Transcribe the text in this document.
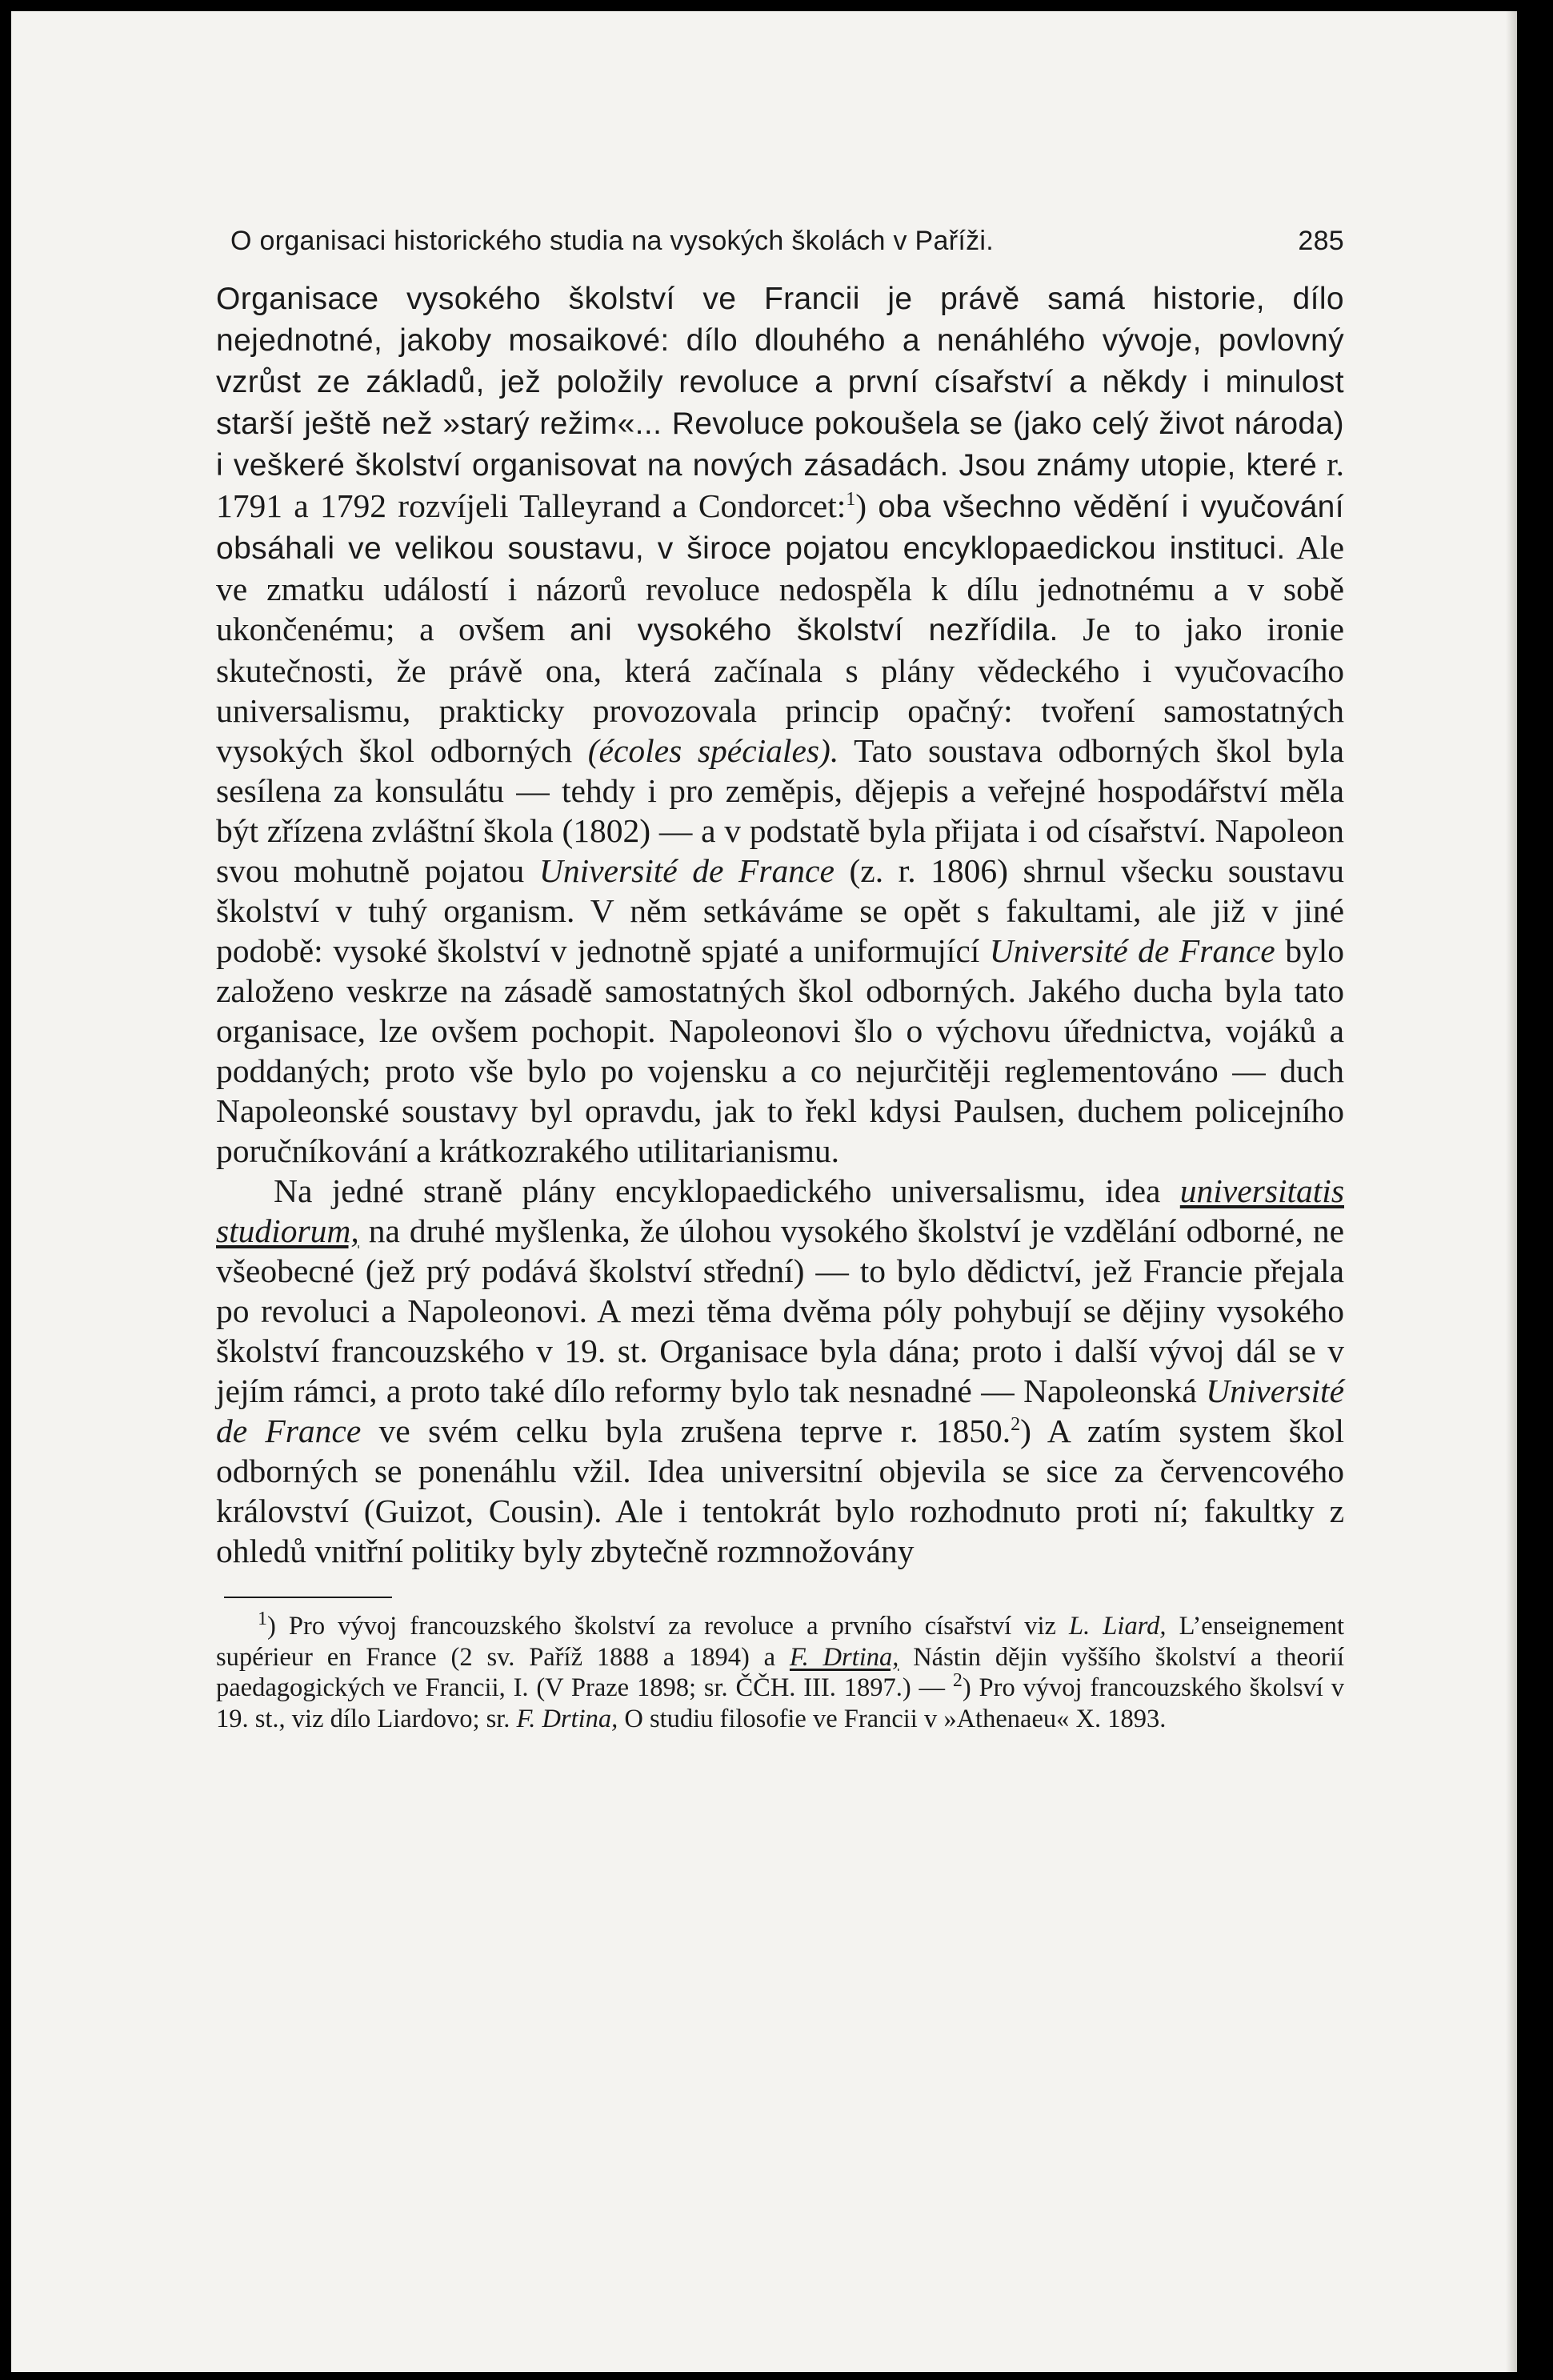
O organisaci historického studia na vysokých školách v Paříži.	285

Organisace vysokého školství ve Francii je právě samá historie, dílo nejednotné, jakoby mosaikové: dílo dlouhého a nenáhlého vývoje, povlovný vzrůst ze základů, jež položily revoluce a první císařství a někdy i minulost starší ještě než »starý režim«... Revoluce pokoušela se (jako celý život národa) i veškeré školství organisovat na nových zásadách. Jsou známy utopie, které r. 1791 a 1792 rozvíjeli Talleyrand a Condorcet:$^1$) oba všechno vědění i vyučování obsáhali ve velikou soustavu, v široce pojatou encyklopaedickou instituci. Ale ve zmatku událostí i názorů revoluce nedospěla k dílu jednotnému a v sobě ukončenému; a ovšem ani vysokého školství nezřídila. Je to jako ironie skutečnosti, že právě ona, která začínala s plány vědeckého i vyučovacího universalismu, prakticky provozovala princip opačný: tvoření samostatných vysokých škol odborných (écoles spéciales). Tato soustava odborných škol byla sesílena za konsulátu — tehdy i pro zeměpis, dějepis a veřejné hospodářství měla být zřízena zvláštní škola (1802) — a v podstatě byla přijata i od císařství. Napoleon svou mohutně pojatou Université de France (z. r. 1806) shrnul všecku soustavu školství v tuhý organism. V něm setkáváme se opět s fakultami, ale již v jiné podobě: vysoké školství v jednotně spjaté a uniformující Université de France bylo založeno veskrze na zásadě samostatných škol odborných. Jakého ducha byla tato organisace, lze ovšem pochopit. Napoleonovi šlo o výchovu úřednictva, vojáků a poddaných; proto vše bylo po vojensku a co nejurčitěji reglementováno — duch Napoleonské soustavy byl opravdu, jak to řekl kdysi Paulsen, duchem policejního poručníkování a krátkozrakého utilitarianismu.

Na jedné straně plány encyklopaedického universalismu, idea universitatis studiorum, na druhé myšlenka, že úlohou vysokého školství je vzdělání odborné, ne všeobecné (jež prý podává školství střední) — to bylo dědictví, jež Francie přejala po revoluci a Napoleonovi. A mezi těma dvěma póly pohybují se dějiny vysokého školství francouzského v 19. st. Organisace byla dána; proto i další vývoj dál se v jejím rámci, a proto také dílo reformy bylo tak nesnadné — Napoleonská Université de France ve svém celku byla zrušena teprve r. 1850.$^2$) A zatím system škol odborných se ponenáhlu vžil. Idea universitní objevila se sice za červencového království (Guizot, Cousin). Ale i tentokrát bylo rozhodnuto proti ní; fakultky z ohledů vnitřní politiky byly zbytečně rozmnožovány

$^1$) Pro vývoj francouzského školství za revoluce a prvního císařství viz L. Liard, L’enseignement supérieur en France (2 sv. Paříž 1888 a 1894) a F. Drtina, Nástin dějin vyššího školství a theorií paedagogických ve Francii, I. (V Praze 1898; sr. ČČH. III. 1897.) — $^2$) Pro vývoj francouzského školsví v 19. st., viz dílo Liardovo; sr. F. Drtina, O studiu filosofie ve Francii v »Athenaeu« X. 1893.
